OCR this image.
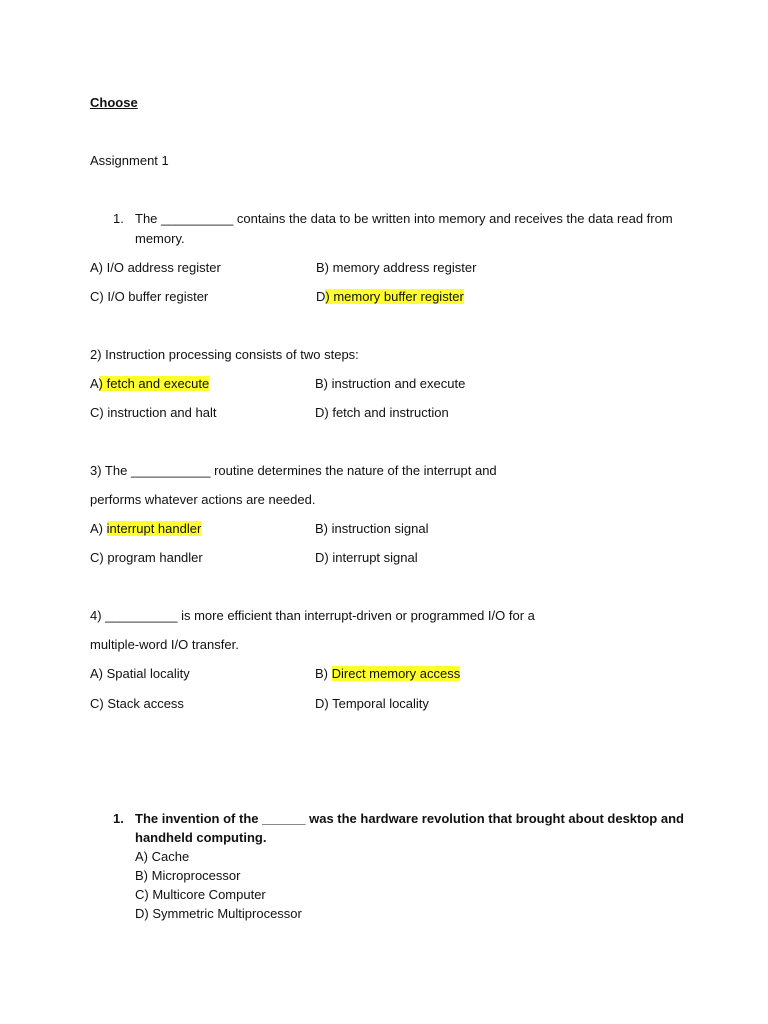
Choose
Assignment 1
1. The __________ contains the data to be written into memory and receives the data read from
memory.
A) I/O address register	B) memory address register
C) I/O buffer register	D) memory buffer register
2) Instruction processing consists of two steps:
A) fetch and execute	B) instruction and execute
C) instruction and halt	D) fetch and instruction
3) The ___________ routine determines the nature of the interrupt and
performs whatever actions are needed.
A) interrupt handler	B) instruction signal
C) program handler	D) interrupt signal
4) __________ is more efficient than interrupt-driven or programmed I/O for a
multiple-word I/O transfer.
A) Spatial locality	B) Direct memory access
C) Stack access	D) Temporal locality
1. The invention of the ______ was the hardware revolution that brought about desktop and
handheld computing.
A) Cache
B) Microprocessor
C) Multicore Computer
D) Symmetric Multiprocessor
